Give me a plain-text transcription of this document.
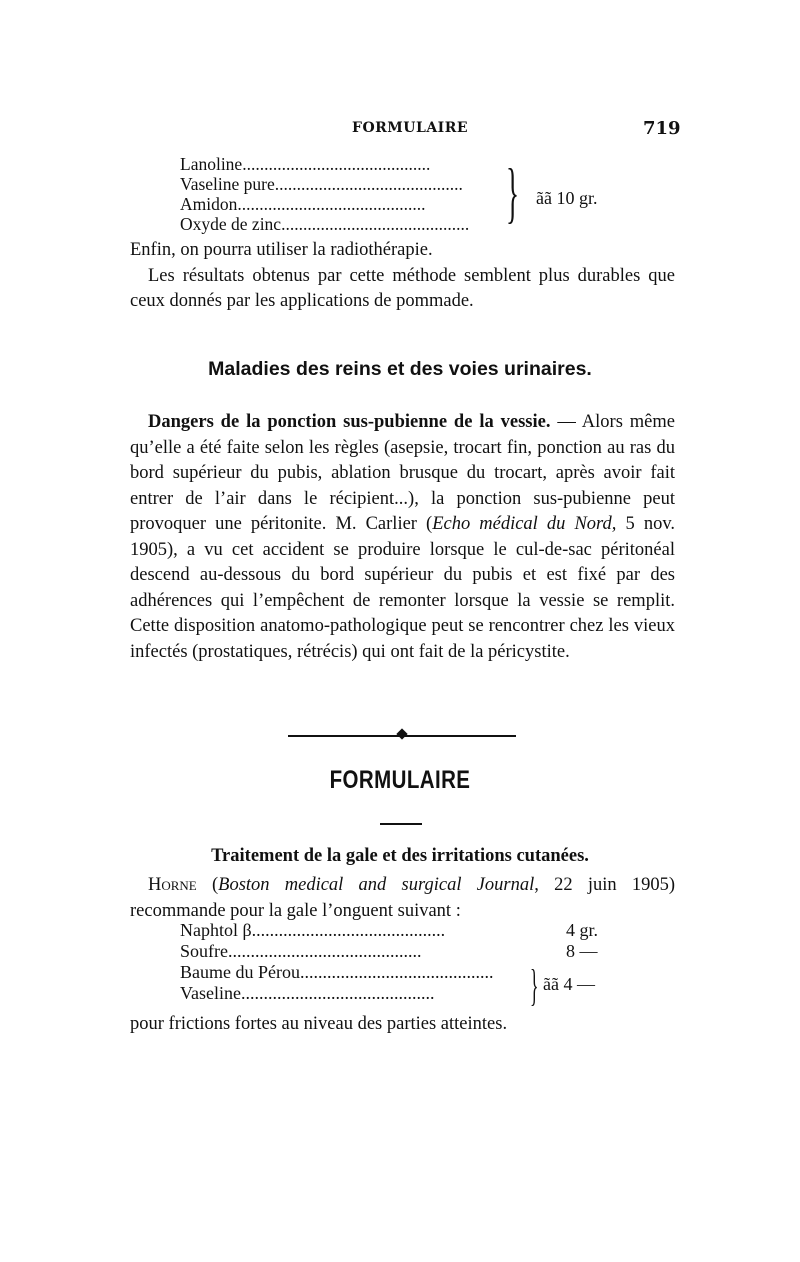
FORMULAIRE	719
Lanoline...........................................
Vaseline pure...........................................
Amidon...........................................
Oxyde de zinc........................................... } ãã 10 gr.

Enfin, on pourra utiliser la radiothérapie.

Les résultats obtenus par cette méthode semblent plus durables que ceux donnés par les applications de pommade.

Maladies des reins et des voies urinaires.

Dangers de la ponction sus-pubienne de la vessie. — Alors même qu’elle a été faite selon les règles (asepsie, trocart fin, ponction au ras du bord supérieur du pubis, ablation brusque du trocart, après avoir fait entrer de l’air dans le récipient...), la ponction sus-pubienne peut provoquer une péritonite. M. Carlier (Echo médical du Nord, 5 nov. 1905), a vu cet accident se produire lorsque le cul-de-sac péritonéal descend au-dessous du bord supérieur du pubis et est fixé par des adhérences qui l’empêchent de remonter lorsque la vessie se remplit. Cette disposition anatomo-pathologique peut se rencontrer chez les vieux infectés (prostatiques, rétrécis) qui ont fait de la péricystite.

FORMULAIRE
Traitement de la gale et des irritations cutanées.

Horne (Boston medical and surgical Journal, 22 juin 1905) recommande pour la gale l’onguent suivant :

Naphtol β...........................................
Soufre...........................................
Baume du Pérou...........................................
Vaseline...........................................
4 gr.
8 —
} ãã 4 —

pour frictions fortes au niveau des parties atteintes.
